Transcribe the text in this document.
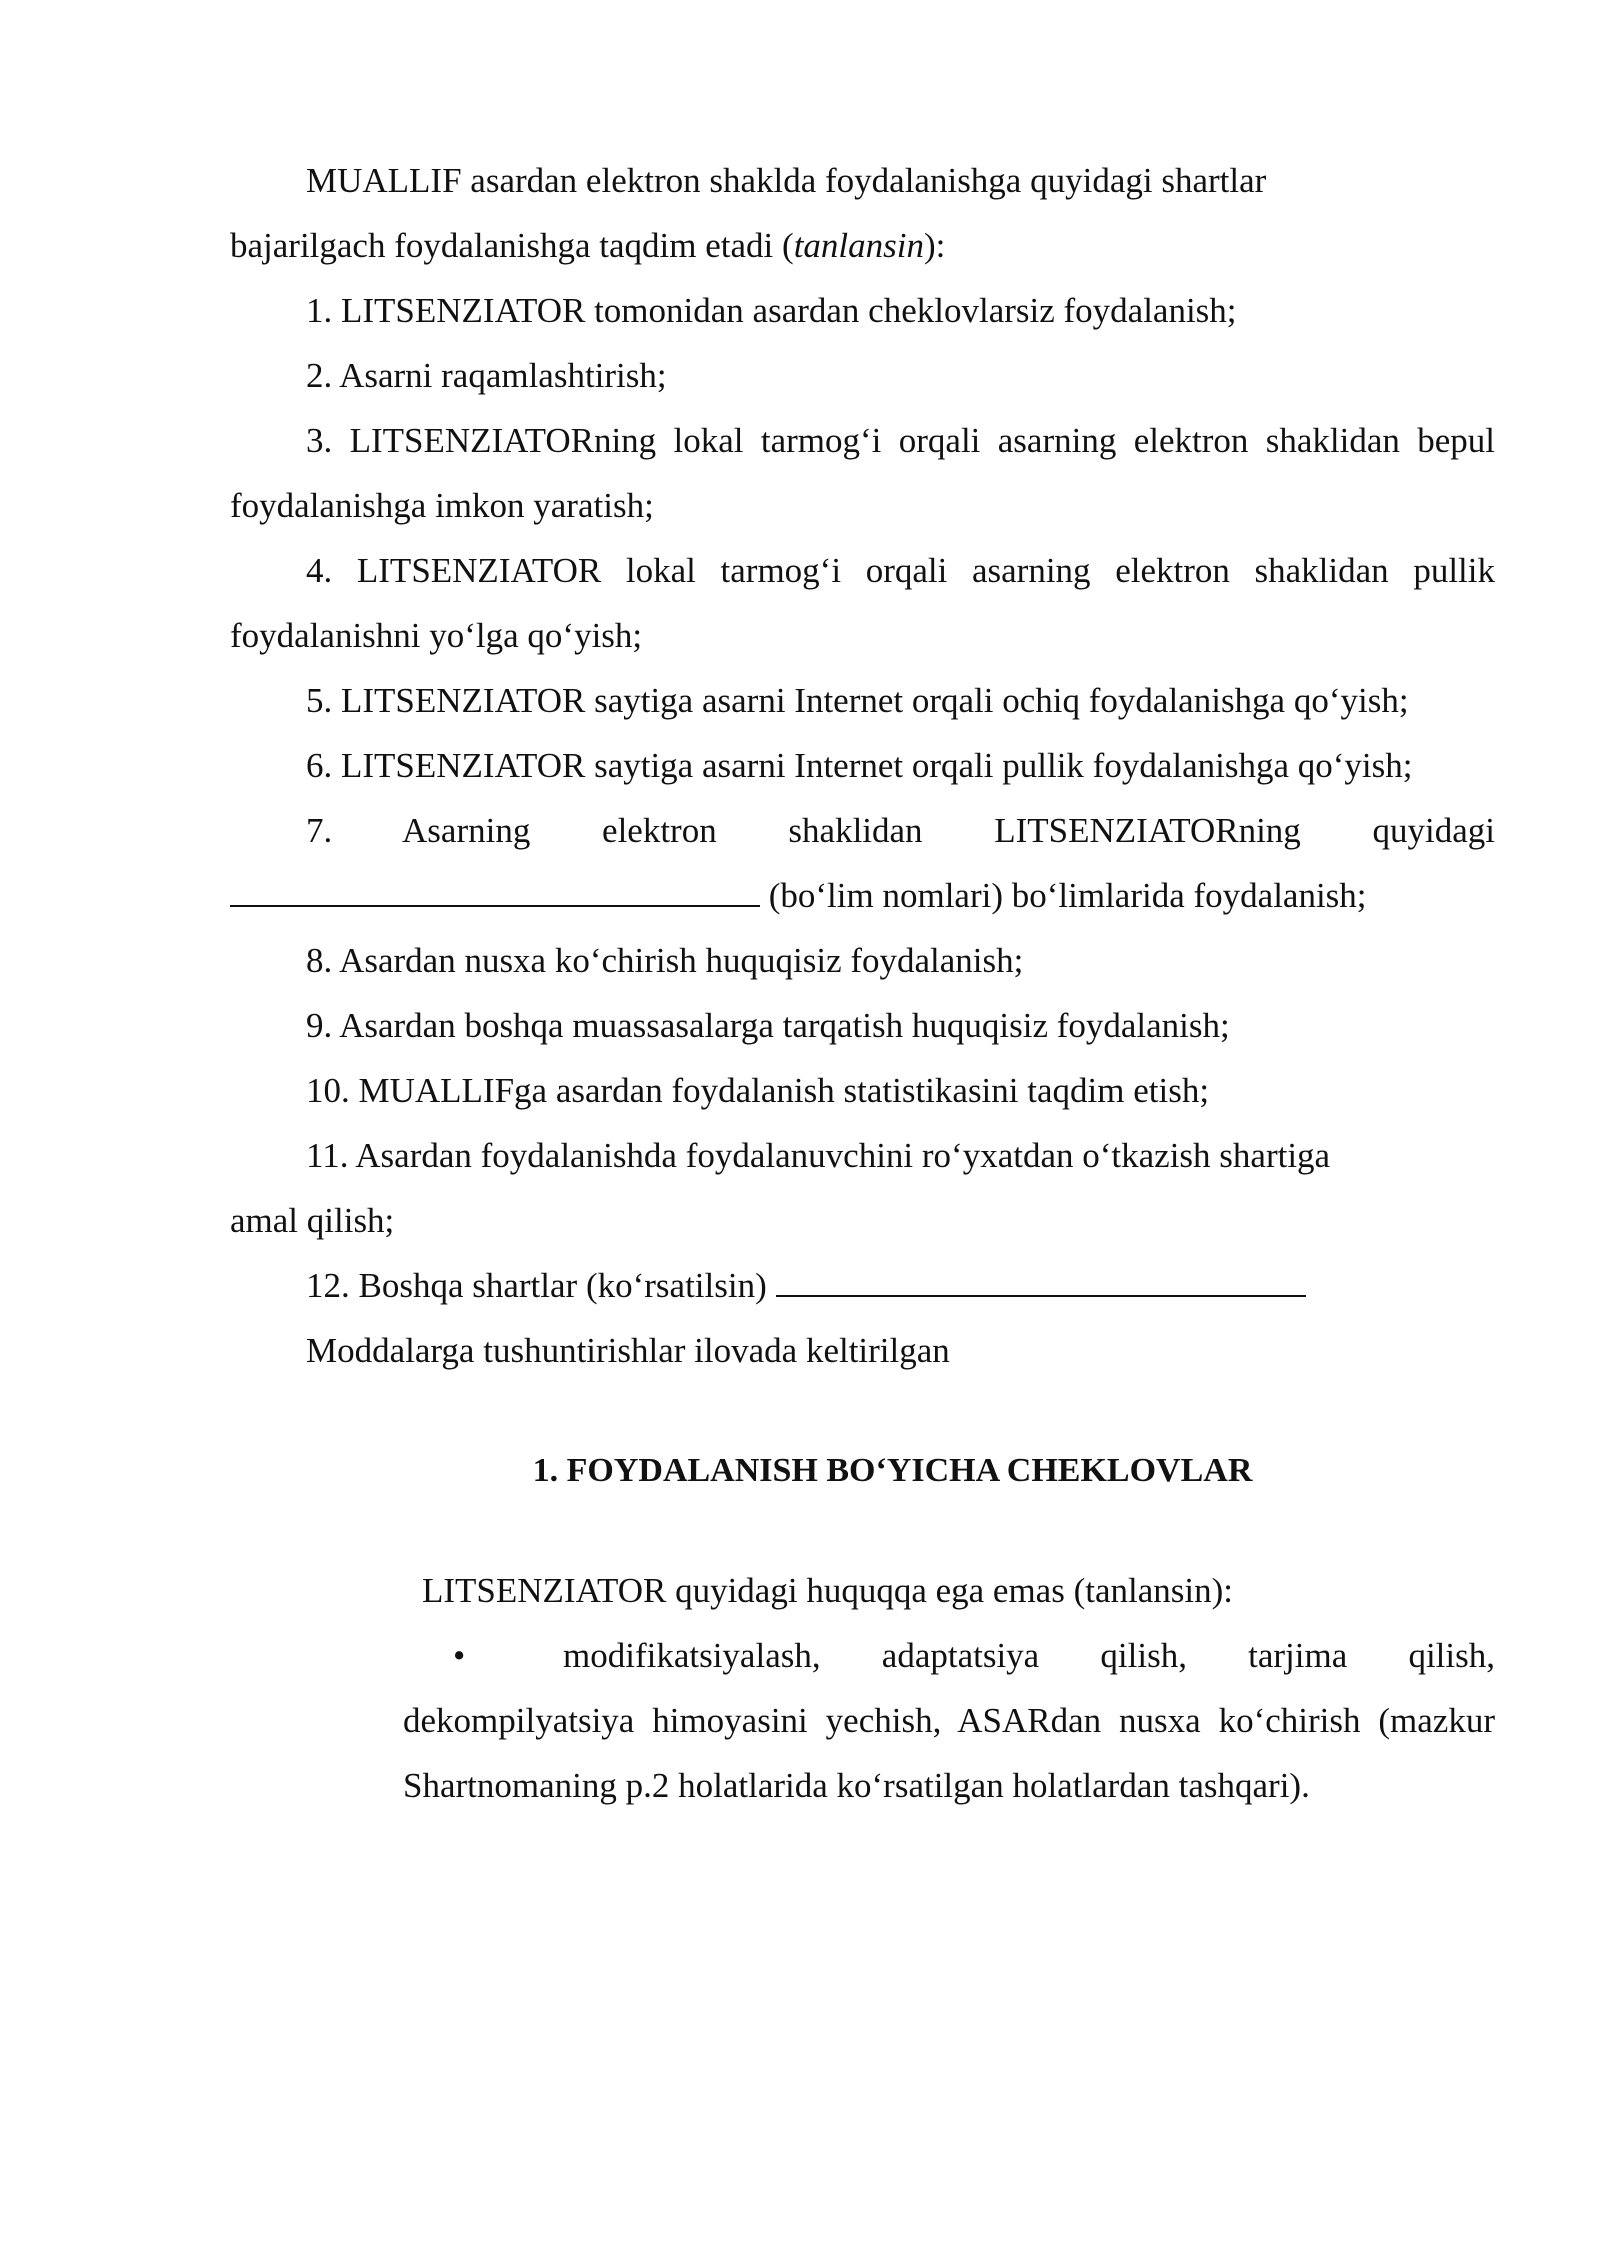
MUALLIF asardan elektron shaklda foydalanishga quyidagi shartlar

bajarilgach foydalanishga taqdim etadi (tanlansin):

1. LITSENZIATOR tomonidan asardan cheklovlarsiz foydalanish;

2. Asarni raqamlashtirish;

3. LITSENZIATORning lokal tarmog‘i orqali asarning elektron shaklidan bepul foydalanishga imkon yaratish;

4. LITSENZIATOR lokal tarmog‘i orqali asarning elektron shaklidan pullik foydalanishni yo‘lga qo‘yish;

5. LITSENZIATOR saytiga asarni Internet orqali ochiq foydalanishga qo‘yish;

6. LITSENZIATOR saytiga asarni Internet orqali pullik foydalanishga qo‘yish;

7. Asarning elektron shaklidan LITSENZIATORning quyidagi

(bo‘lim nomlari) bo‘limlarida foydalanish;

8. Asardan nusxa ko‘chirish huquqisiz foydalanish;

9. Asardan boshqa muassasalarga tarqatish huquqisiz foydalanish;

10. MUALLIFga asardan foydalanish statistikasini taqdim etish;

11. Asardan foydalanishda foydalanuvchini ro‘yxatdan o‘tkazish shartiga

amal qilish;

12. Boshqa shartlar (ko‘rsatilsin)

Moddalarga tushuntirishlar ilovada keltirilgan

1. FOYDALANISH BO‘YICHA CHEKLOVLAR

LITSENZIATOR quyidagi huquqqa ega emas (tanlansin):

•	modifikatsiyalash, adaptatsiya qilish, tarjima qilish, dekompilyatsiya himoyasini yechish, ASARdan nusxa ko‘chirish (mazkur Shartnomaning p.2 holatlarida ko‘rsatilgan holatlardan tashqari).
